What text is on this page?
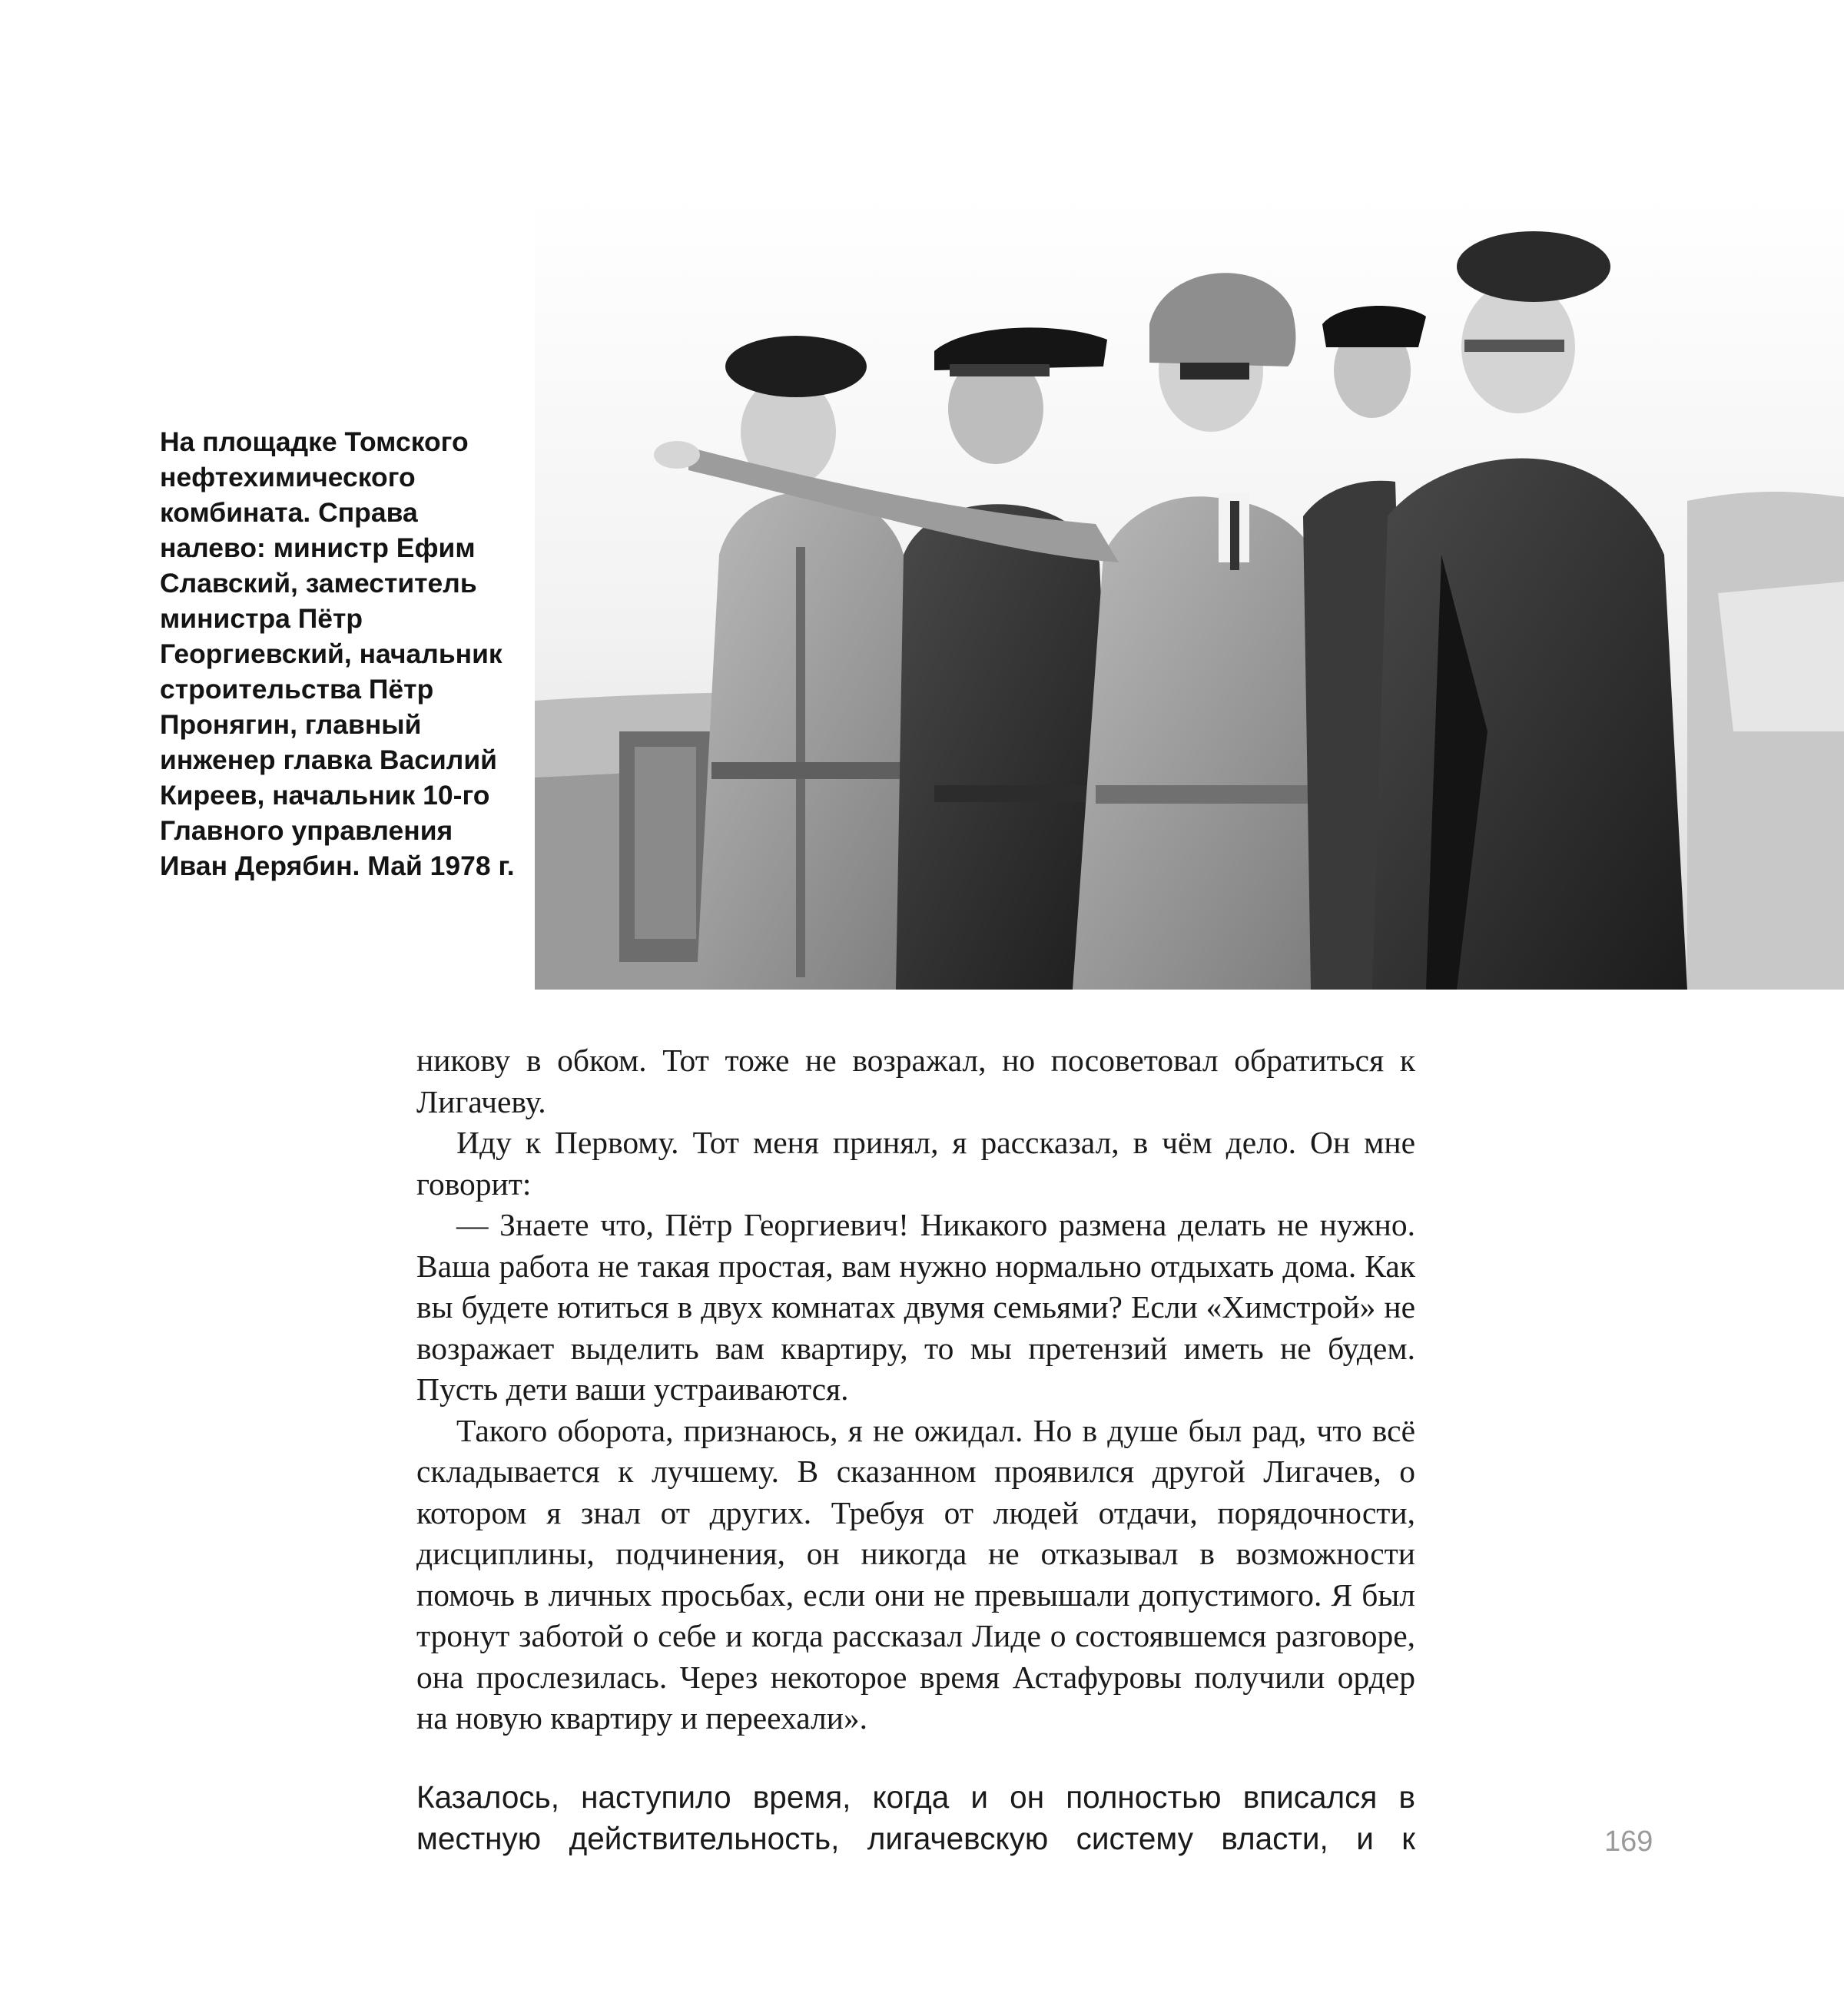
На площадке Томского нефтехимического комбината. Справа налево: министр Ефим Славский, заместитель министра Пётр Георгиевский, начальник строительства Пётр Пронягин, главный инженер главка Василий Киреев, начальник 10-го Главного управления Иван Дерябин. Май 1978 г.

никову в обком. Тот тоже не возражал, но посоветовал обратиться к Лигачеву.

Иду к Первому. Тот меня принял, я рассказал, в чём дело. Он мне говорит:

— Знаете что, Пётр Георгиевич! Никакого размена делать не нужно. Ваша работа не такая простая, вам нужно нормально отдыхать дома. Как вы будете ютиться в двух комнатах двумя семьями? Если «Химстрой» не возражает выделить вам квартиру, то мы претензий иметь не будем. Пусть дети ваши устраиваются.

Такого оборота, признаюсь, я не ожидал. Но в душе был рад, что всё складывается к лучшему. В сказанном проявился другой Лигачев, о котором я знал от других. Требуя от людей отдачи, порядочности, дисциплины, подчинения, он никогда не отказывал в возможности помочь в личных просьбах, если они не превышали допустимого. Я был тронут заботой о себе и когда рассказал Лиде о состоявшемся разговоре, она прослезилась. Через некоторое время Астафуровы получили ордер на новую квартиру и переехали».

Казалось, наступило время, когда и он полностью вписался в местную действительность, лигачевскую систему власти, и к	169
